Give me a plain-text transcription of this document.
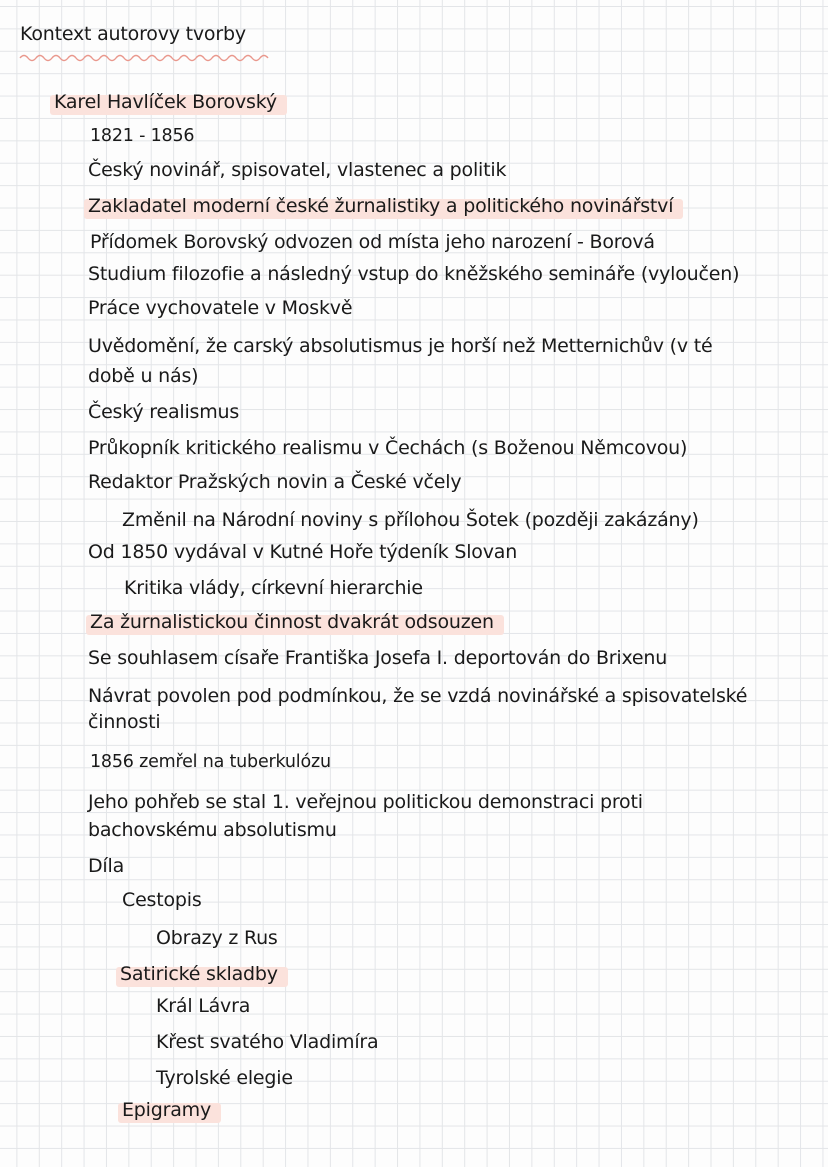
Kontext autorovy tvorby
Karel Havlíček Borovský
1821 - 1856
Český novinář, spisovatel, vlastenec a politik
Zakladatel moderní české žurnalistiky a politického novinářství
Přídomek Borovský odvozen od místa jeho narození - Borová
Studium filozofie a následný vstup do kněžského semináře (vyloučen)
Práce vychovatele v Moskvě
Uvědomění, že carský absolutismus je horší než Metternichův (v té
době u nás)
Český realismus
Průkopník kritického realismu v Čechách (s Boženou Němcovou)
Redaktor Pražských novin a České včely
Změnil na Národní noviny s přílohou Šotek (později zakázány)
Od 1850 vydával v Kutné Hoře týdeník Slovan
Kritika vlády, církevní hierarchie
Za žurnalistickou činnost dvakrát odsouzen
Se souhlasem císaře Františka Josefa I. deportován do Brixenu
Návrat povolen pod podmínkou, že se vzdá novinářské a spisovatelské
činnosti
1856 zemřel na tuberkulózu
Jeho pohřeb se stal 1. veřejnou politickou demonstraci proti
bachovskému absolutismu
Díla
Cestopis
Obrazy z Rus
Satirické skladby
Král Lávra
Křest svatého Vladimíra
Tyrolské elegie
Epigramy
